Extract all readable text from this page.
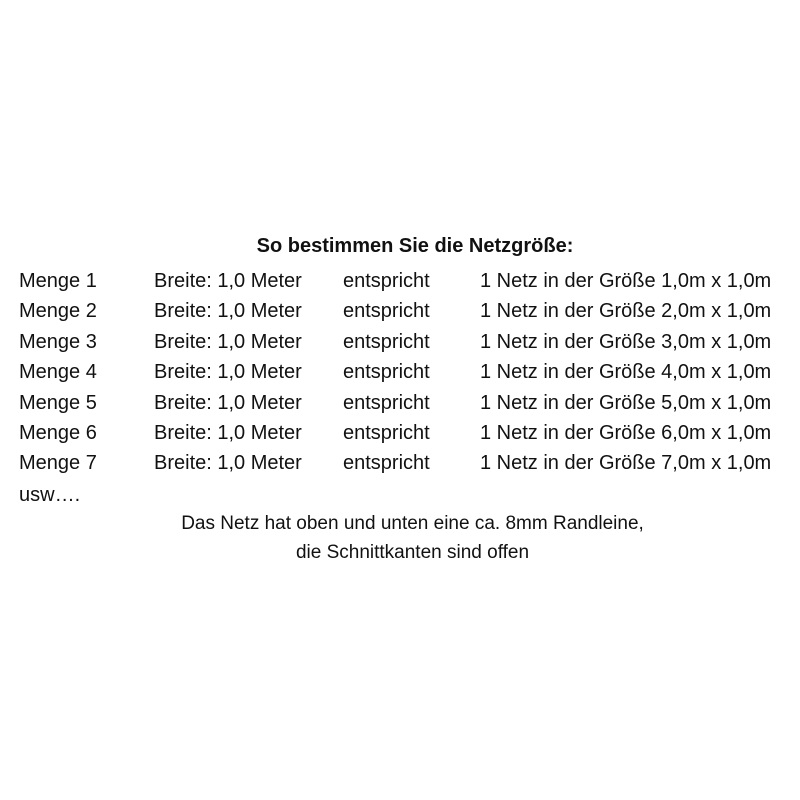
So bestimmen Sie die Netzgröße:
Menge 1	Breite: 1,0 Meter entspricht	1 Netz in der Größe 1,0m x 1,0m
Menge 2	Breite: 1,0 Meter entspricht	1 Netz in der Größe 2,0m x 1,0m
Menge 3	Breite: 1,0 Meter entspricht	1 Netz in der Größe 3,0m x 1,0m
Menge 4	Breite: 1,0 Meter entspricht	1 Netz in der Größe 4,0m x 1,0m
Menge 5	Breite: 1,0 Meter entspricht	1 Netz in der Größe 5,0m x 1,0m
Menge 6	Breite: 1,0 Meter entspricht	1 Netz in der Größe 6,0m x 1,0m
Menge 7	Breite: 1,0 Meter entspricht	1 Netz in der Größe 7,0m x 1,0m
usw….
Das Netz hat oben und unten eine ca. 8mm Randleine,
die Schnittkanten sind offen
